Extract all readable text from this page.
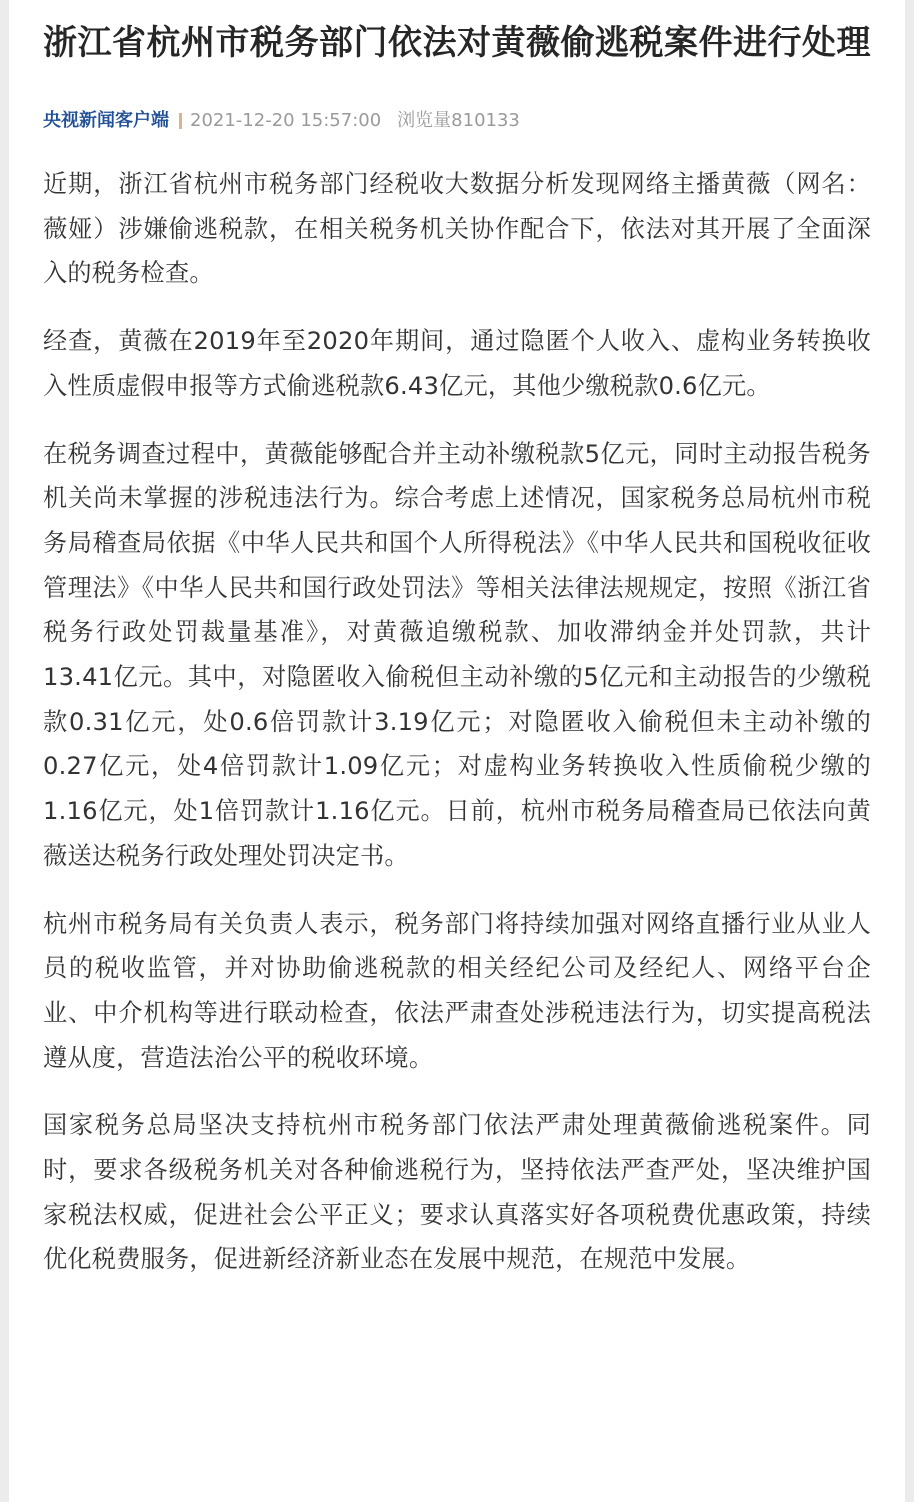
浙江省杭州市税务部门依法对黄薇偷逃税案件进行处理
央视新闻客户端 2021-12-20 15:57:00 浏览量810133

近期，浙江省杭州市税务部门经税收大数据分析发现网络主播黄薇（网名：薇娅）涉嫌偷逃税款，在相关税务机关协作配合下，依法对其开展了全面深入的税务检查。

经查，黄薇在2019年至2020年期间，通过隐匿个人收入、虚构业务转换收入性质虚假申报等方式偷逃税款6.43亿元，其他少缴税款0.6亿元。

在税务调查过程中，黄薇能够配合并主动补缴税款5亿元，同时主动报告税务机关尚未掌握的涉税违法行为。综合考虑上述情况，国家税务总局杭州市税务局稽查局依据《中华人民共和国个人所得税法》《中华人民共和国税收征收管理法》《中华人民共和国行政处罚法》等相关法律法规规定，按照《浙江省税务行政处罚裁量基准》，对黄薇追缴税款、加收滞纳金并处罚款，共计13.41亿元。其中，对隐匿收入偷税但主动补缴的5亿元和主动报告的少缴税款0.31亿元，处0.6倍罚款计3.19亿元；对隐匿收入偷税但未主动补缴的0.27亿元，处4倍罚款计1.09亿元；对虚构业务转换收入性质偷税少缴的1.16亿元，处1倍罚款计1.16亿元。日前，杭州市税务局稽查局已依法向黄薇送达税务行政处理处罚决定书。

杭州市税务局有关负责人表示，税务部门将持续加强对网络直播行业从业人员的税收监管，并对协助偷逃税款的相关经纪公司及经纪人、网络平台企业、中介机构等进行联动检查，依法严肃查处涉税违法行为，切实提高税法遵从度，营造法治公平的税收环境。

国家税务总局坚决支持杭州市税务部门依法严肃处理黄薇偷逃税案件。同时，要求各级税务机关对各种偷逃税行为，坚持依法严查严处，坚决维护国家税法权威，促进社会公平正义；要求认真落实好各项税费优惠政策，持续优化税费服务，促进新经济新业态在发展中规范，在规范中发展。
